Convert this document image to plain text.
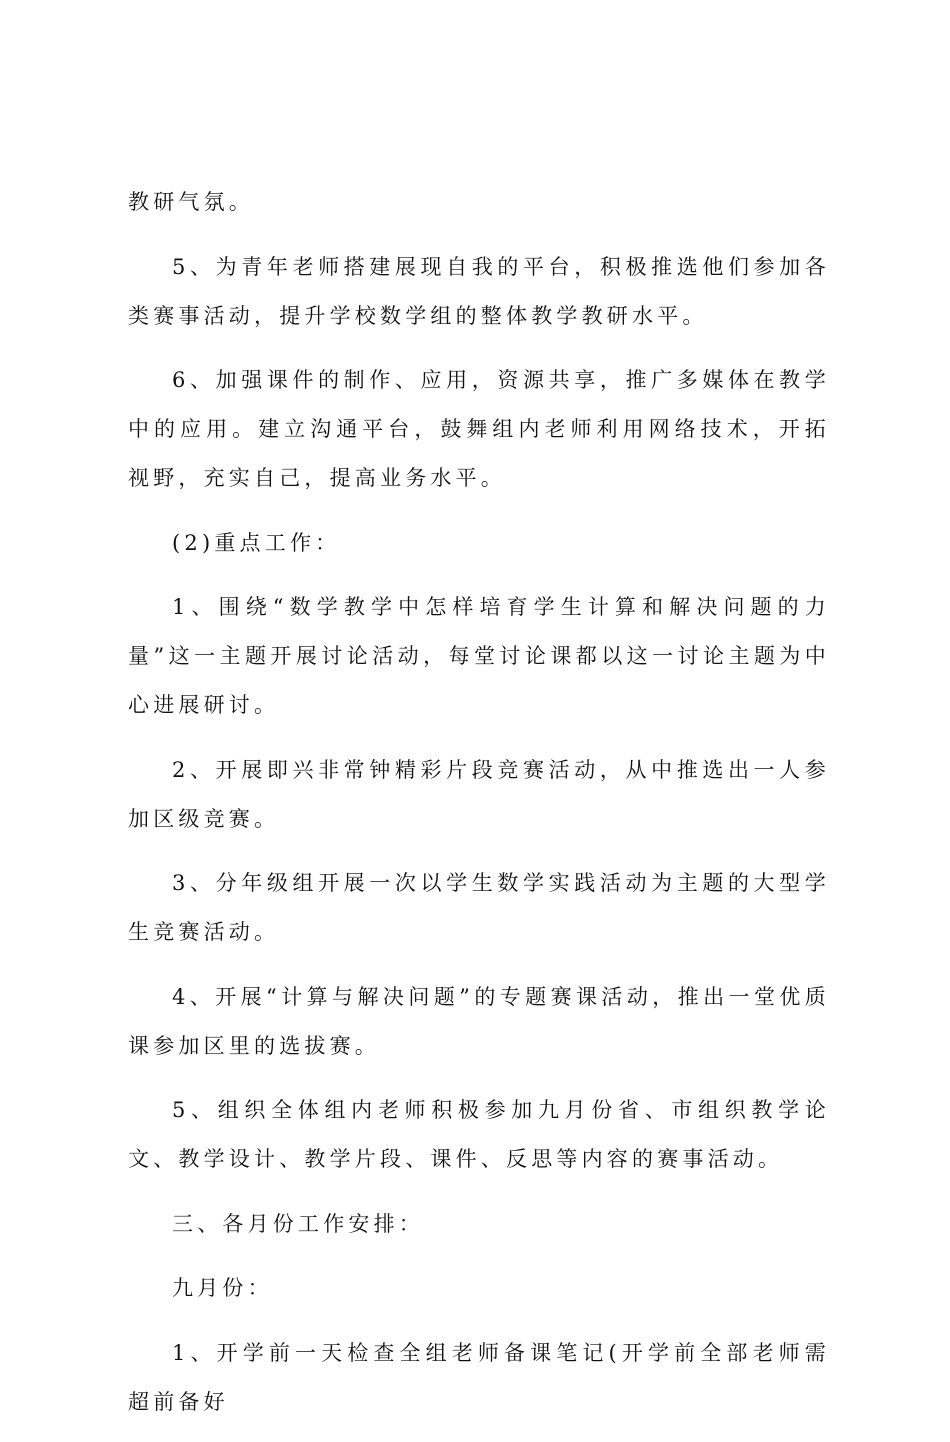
教研气氛。

5、为青年老师搭建展现自我的平台，积极推选他们参加各类赛事活动，提升学校数学组的整体教学教研水平。

6、加强课件的制作、应用，资源共享，推广多媒体在教学中的应用。建立沟通平台，鼓舞组内老师利用网络技术，开拓视野，充实自己，提高业务水平。

(2)重点工作：

1、围绕“数学教学中怎样培育学生计算和解决问题的力量”这一主题开展讨论活动，每堂讨论课都以这一讨论主题为中心进展研讨。

2、开展即兴非常钟精彩片段竞赛活动，从中推选出一人参加区级竞赛。

3、分年级组开展一次以学生数学实践活动为主题的大型学生竞赛活动。

4、开展“计算与解决问题”的专题赛课活动，推出一堂优质课参加区里的选拔赛。

5、组织全体组内老师积极参加九月份省、市组织教学论文、教学设计、教学片段、课件、反思等内容的赛事活动。

三、各月份工作安排：

九月份：

1、开学前一天检查全组老师备课笔记(开学前全部老师需超前备好
